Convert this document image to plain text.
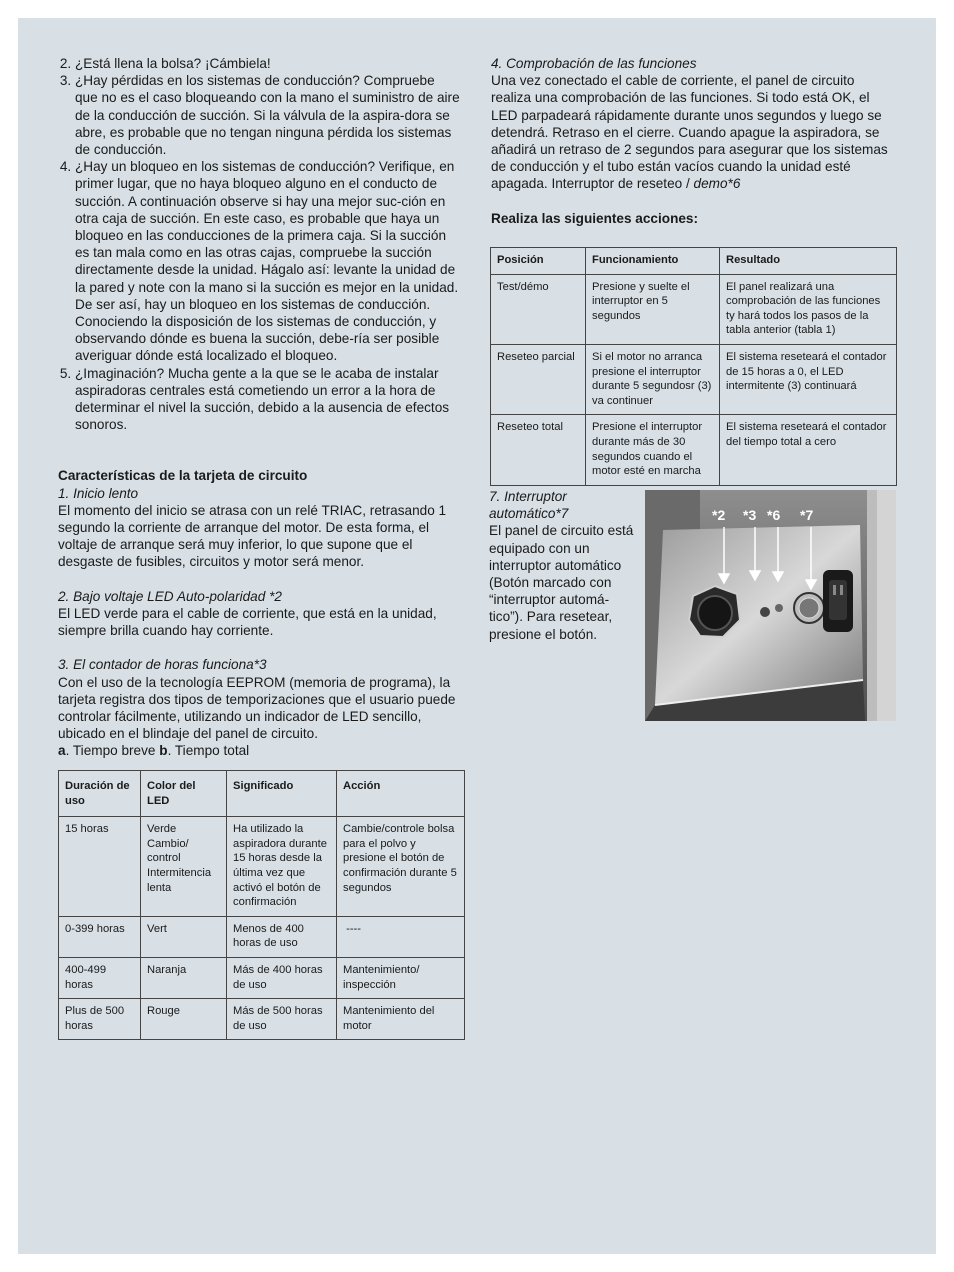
2. ¿Está llena la bolsa? ¡Cámbiela!
3. ¿Hay pérdidas en los sistemas de conducción? Compruebe que no es el caso bloqueando con la mano el suministro de aire de la conducción de succión. Si la válvula de la aspira-dora se abre, es probable que no tengan ninguna pérdida los sistemas de conducción.
4. ¿Hay un bloqueo en los sistemas de conducción? Verifique, en primer lugar, que no haya bloqueo alguno en el conducto de succión. A continuación observe si hay una mejor suc-ción en otra caja de succión. En este caso, es probable que haya un bloqueo en las conducciones de la primera caja. Si la succión es tan mala como en las otras cajas, compruebe la succión directamente desde la unidad. Hágalo así: levante la unidad de la pared y note con la mano si la succión es mejor en la unidad. De ser así, hay un bloqueo en los sistemas de conducción. Conociendo la disposición de los sistemas de conducción, y observando dónde es buena la succión, debe-ría ser posible averiguar dónde está localizado el bloqueo.
5. ¿Imaginación? Mucha gente a la que se le acaba de instalar aspiradoras centrales está cometiendo un error a la hora de determinar el nivel la succión, debido a la ausencia de efectos sonoros.

Características de la tarjeta de circuito

1. Inicio lento

El momento del inicio se atrasa con un relé TRIAC, retrasando 1 segundo la corriente de arranque del motor. De esta forma, el voltaje de arranque será muy inferior, lo que supone que el desgaste de fusibles, circuitos y motor será menor.

2. Bajo voltaje LED Auto-polaridad *2

El LED verde para el cable de corriente, que está en la unidad, siempre brilla cuando hay corriente.

3. El contador de horas funciona*3

Con el uso de la tecnología EEPROM (memoria de programa), la tarjeta registra dos tipos de temporizaciones que el usuario puede controlar fácilmente, utilizando un indicador de LED sencillo, ubicado en el blindaje del panel de circuito.

a. Tiempo breve b. Tiempo total

Duración de uso	Color del LED	Significado	Acción
15 horas	Verde Cambio/ control Intermitencia lenta	Ha utilizado la aspiradora durante 15 horas desde la última vez que activó el botón de confirmación	Cambie/controle bolsa para el polvo y presione el botón de confirmación durante 5 segundos
0-399 horas	Vert	Menos de 400 horas de uso	----
400-499 horas	Naranja	Más de 400 horas de uso	Mantenimiento/ inspección
Plus de 500 horas	Rouge	Más de 500 horas de uso	Mantenimiento del motor

4. Comprobación de las funciones

Una vez conectado el cable de corriente, el panel de circuito realiza una comprobación de las funciones. Si todo está OK, el LED parpadeará rápidamente durante unos segundos y luego se detendrá. Retraso en el cierre. Cuando apague la aspiradora, se añadirá un retraso de 2 segundos para asegurar que los sistemas de conducción y el tubo están vacíos cuando la unidad esté apagada. Interruptor de reseteo / demo*6

Realiza las siguientes acciones:

Posición	Funcionamiento	Resultado
Test/démo	Presione y suelte el interruptor en 5 segundos	El panel realizará una comprobación de las funciones ty hará todos los pasos de la tabla anterior (tabla 1)
Reseteo parcial	Si el motor no arranca presione el interruptor durante 5 segundosr (3) va continuer	El sistema reseteará el contador de 15 horas a 0, el LED intermitente (3) continuará
Reseteo total	Presione el interruptor durante más de 30 segundos cuando el motor esté en marcha	El sistema reseteará el contador del tiempo total a cero

7. Interruptor automático*7

El panel de circuito está equipado con un interruptor automático (Botón marcado con “interruptor automá-tico”). Para resetear, presione el botón.

*2 *3 *6 *7
